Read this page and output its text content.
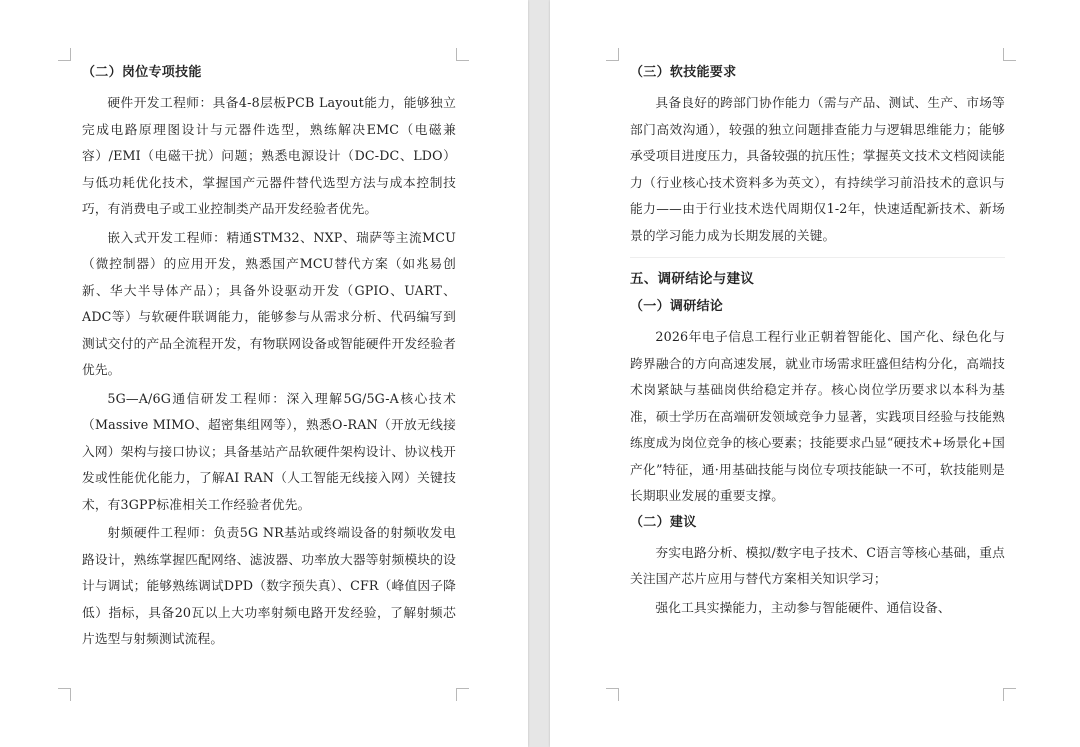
（二）岗位专项技能

硬件开发工程师：具备4-8层板PCB Layout能力，能够独立完成电路原理图设计与元器件选型，熟练解决EMC（电磁兼容）/EMI（电磁干扰）问题；熟悉电源设计（DC-DC、LDO）与低功耗优化技术，掌握国产元器件替代选型方法与成本控制技巧，有消费电子或工业控制类产品开发经验者优先。

嵌入式开发工程师：精通STM32、NXP、瑞萨等主流MCU（微控制器）的应用开发，熟悉国产MCU替代方案（如兆易创新、华大半导体产品）；具备外设驱动开发（GPIO、UART、ADC等）与软硬件联调能力，能够参与从需求分析、代码编写到测试交付的产品全流程开发，有物联网设备或智能硬件开发经验者优先。

5G—A/6G通信研发工程师：深入理解5G/5G-A核心技术（Massive MIMO、超密集组网等），熟悉O-RAN（开放无线接入网）架构与接口协议；具备基站产品软硬件架构设计、协议栈开发或性能优化能力，了解AI RAN（人工智能无线接入网）关键技术，有3GPP标准相关工作经验者优先。

射频硬件工程师：负责5G NR基站或终端设备的射频收发电路设计，熟练掌握匹配网络、滤波器、功率放大器等射频模块的设计与调试；能够熟练调试DPD（数字预失真）、CFR（峰值因子降低）指标，具备20瓦以上大功率射频电路开发经验，了解射频芯片选型与射频测试流程。

（三）软技能要求

具备良好的跨部门协作能力（需与产品、测试、生产、市场等部门高效沟通），较强的独立问题排查能力与逻辑思维能力；能够承受项目进度压力，具备较强的抗压性；掌握英文技术文档阅读能力（行业核心技术资料多为英文），有持续学习前沿技术的意识与能力——由于行业技术迭代周期仅1-2年，快速适配新技术、新场景的学习能力成为长期发展的关键。

五、调研结论与建议
（一）调研结论

2026年电子信息工程行业正朝着智能化、国产化、绿色化与跨界融合的方向高速发展，就业市场需求旺盛但结构分化，高端技术岗紧缺与基础岗供给稳定并存。核心岗位学历要求以本科为基准，硕士学历在高端研发领域竞争力显著，实践项目经验与技能熟练度成为岗位竞争的核心要素；技能要求凸显“硬技术+场景化+国产化”特征，通·用基础技能与岗位专项技能缺一不可，软技能则是长期职业发展的重要支撑。

（二）建议

夯实电路分析、模拟/数字电子技术、C语言等核心基础，重点关注国产芯片应用与替代方案相关知识学习；

强化工具实操能力，主动参与智能硬件、通信设备、
